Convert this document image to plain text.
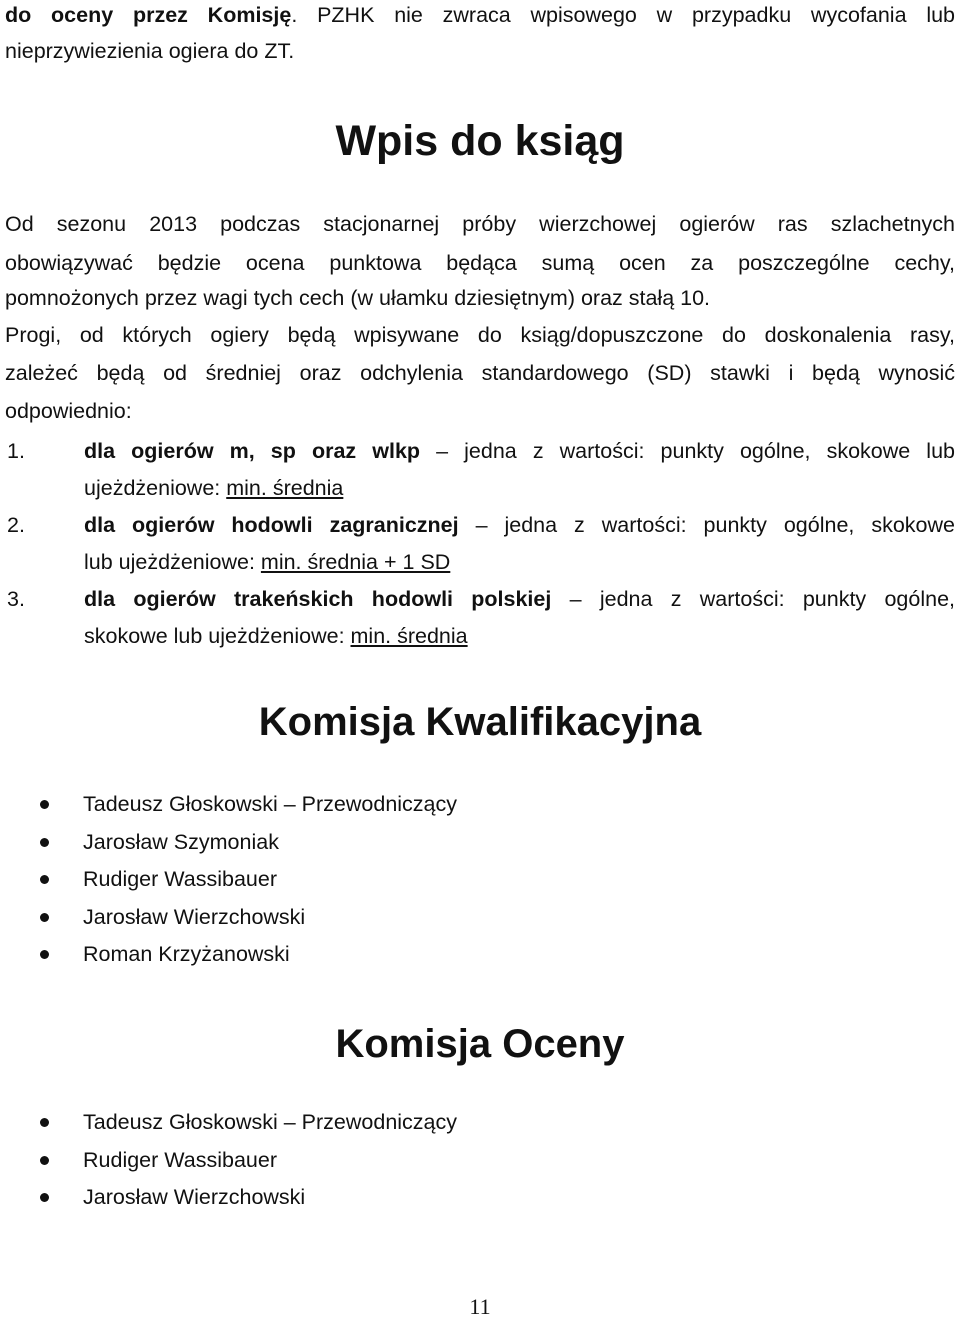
do oceny przez Komisję. PZHK nie zwraca wpisowego w przypadku wycofania lub
nieprzywiezienia ogiera do ZT.
Wpis do ksiąg
Od sezonu 2013 podczas stacjonarnej próby wierzchowej ogierów ras szlachetnych
obowiązywać będzie ocena punktowa będąca sumą ocen za poszczególne cechy,
pomnożonych przez wagi tych cech (w ułamku dziesiętnym) oraz stałą 10.
Progi, od których ogiery będą wpisywane do ksiąg/dopuszczone do doskonalenia rasy,
zależeć będą od średniej oraz odchylenia standardowego (SD) stawki i będą wynosić
odpowiednio:
1.	dla ogierów m, sp oraz wlkp – jedna z wartości: punkty ogólne, skokowe lub
ujeżdżeniowe: min. średnia
2.	dla ogierów hodowli zagranicznej – jedna z wartości: punkty ogólne, skokowe
lub ujeżdżeniowe: min. średnia + 1 SD
3.	dla ogierów trakeńskich hodowli polskiej – jedna z wartości: punkty ogólne,
skokowe lub ujeżdżeniowe: min. średnia
Komisja Kwalifikacyjna
Tadeusz Głoskowski – Przewodniczący
Jarosław Szymoniak
Rudiger Wassibauer
Jarosław Wierzchowski
Roman Krzyżanowski
Komisja Oceny
Tadeusz Głoskowski – Przewodniczący
Rudiger Wassibauer
Jarosław Wierzchowski
11
